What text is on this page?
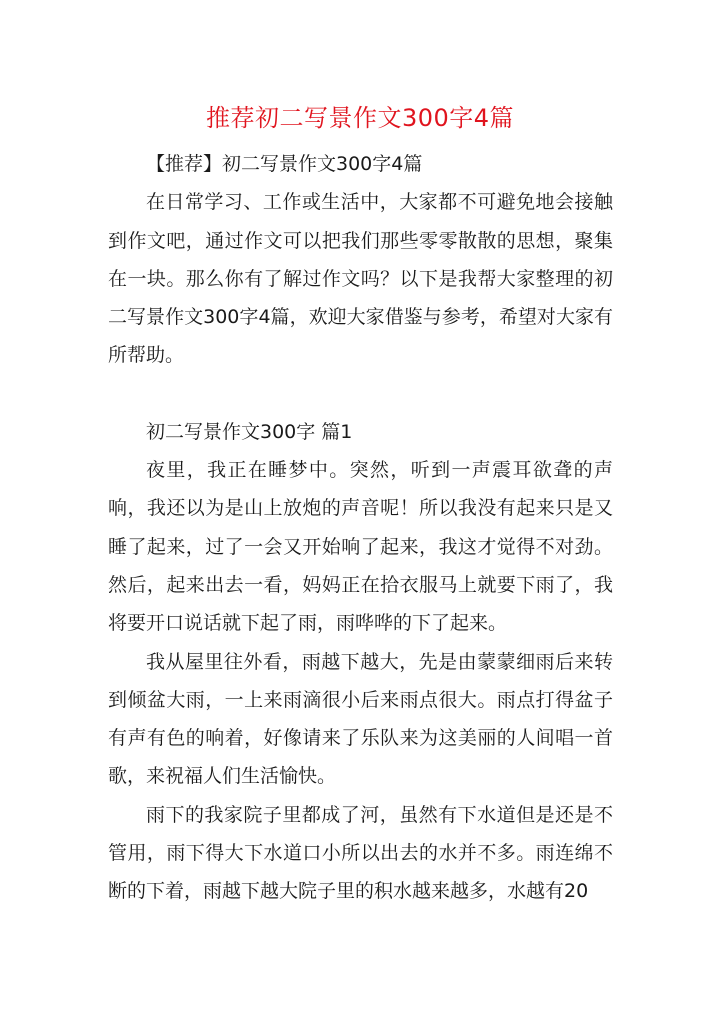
推荐初二写景作文300字4篇

【推荐】初二写景作文300字4篇

在日常学习、工作或生活中，大家都不可避免地会接触到作文吧，通过作文可以把我们那些零零散散的思想，聚集在一块。那么你有了解过作文吗？以下是我帮大家整理的初二写景作文300字4篇，欢迎大家借鉴与参考，希望对大家有所帮助。

初二写景作文300字 篇1

夜里，我正在睡梦中。突然，听到一声震耳欲聋的声响，我还以为是山上放炮的声音呢！所以我没有起来只是又睡了起来，过了一会又开始响了起来，我这才觉得不对劲。然后，起来出去一看，妈妈正在拾衣服马上就要下雨了，我将要开口说话就下起了雨，雨哗哗的下了起来。

我从屋里往外看，雨越下越大，先是由蒙蒙细雨后来转到倾盆大雨，一上来雨滴很小后来雨点很大。雨点打得盆子有声有色的响着，好像请来了乐队来为这美丽的人间唱一首歌，来祝福人们生活愉快。

雨下的我家院子里都成了河，虽然有下水道但是还是不管用，雨下得大下水道口小所以出去的水并不多。雨连绵不断的下着，雨越下越大院子里的积水越来越多，水越有20
